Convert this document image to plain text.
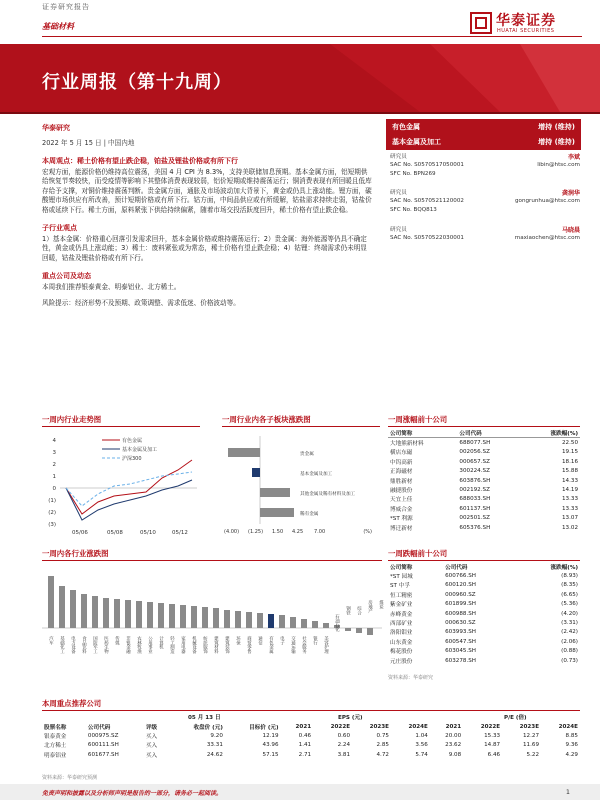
证券研究报告
基础材料	华泰证券
HUATAI SECURITIES
行业周报（第十九周）
华泰研究
2022 年 5 月 15 日 | 中国内地
有色金属	增持 (维持)
基本金属及加工	增持 (维持)
研究员	李斌
SAC No. S0570517050001	libin@htsc.com
SFC No. BPN269
研究员	龚润华
SAC No. S0570521120002	gongrunhua@htsc.com
SFC No. BQQ813
研究员	马晓晨
SAC No. S0570522030001	maxiaochen@htsc.com
本周观点：稀土价格有望止跌企稳，铂盐及锂盐价格或有所下行
宏观方面，能源价格仍维持高位震荡，美国 4 月 CPI 为 8.3%，支持美联储加息预期。基本金属方面，铝短期供给恢复节奏较快，而受疫情等影响下其整体消费表现较弱，铝价短期或维持震荡运行；铜消费表现有所回暖且低库存给予支撑，对铜价维持震荡判断。贵金属方面，通胀及市场波动加大背景下，黄金或仍具上涨动能。锂方面，碳酸锂市场供应有所改善，预计短期价格或有所下行。钴方面，中间品供应或有所缓解，钴盐需求持续走弱，钴盐价格或延续下行。稀土方面，原料紧张下供给持续偏紧，随着市场交投活跃度回升，稀土价格有望止跌企稳。
子行业观点
1）基本金属：价格重心回落引发需求回升，基本金属价格或维持震荡运行；2）贵金属：海外能源等仍具不确定性，黄金或仍具上涨动能；3）稀土：废料紧张或为常态，稀土价格有望止跌企稳；4）钴锂：终端需求仍未明显回暖，钴盐及锂盐价格或有所下行。
重点公司及动态
本周我们推荐银泰黄金、明泰铝业、北方稀土。
风险提示：经济形势不及预期、政策调整、需求低迷、价格波动等。
一周内行业走势图
4
3
2
1
0
(1)
(2)
(3)
05/06	05/08	05/10	05/12
有色金属
基本金属及加工
沪深300
一周行业内各子板块涨跌图
贵金属
基本金属及加工
其他金属及稀有材料及加工
稀有金属
(4.00) (1.25) 1.50 4.25 7.00	(%)
一周内各行业涨跌图
汽车 基础化工 电力设备 食品饮料 国防军工 医药生物 传媒 非银金融 农林牧渔 公用事业 计算机 轻工制造 家用电器 机械设备 纺织服饰 建筑材料 建筑装饰 环保 商贸零售 通信 有色金属 电子 交通运输 社会服务 银行 美容护理
石油石化
钢铁 综合 房地产 煤炭
一周涨幅前十公司
公司简称	公司代码	涨跌幅(%)
大地熊新材料	688077.SH	22.50
横店东磁	002056.SZ	19.15
中钨高新	000657.SZ	18.16
正海磁材	300224.SZ	15.88
鼎胜新材	603876.SH	14.33
融捷股份	002192.SZ	14.19
天宜上佳	688033.SH	13.33
博威合金	601137.SH	13.33
*ST 利源	002501.SZ	13.07
博迁新材	605376.SH	13.02
一周跌幅前十公司
公司简称	公司代码	涨跌幅(%)
*ST 园城	600766.SH	(8.93)
ST 中孚	600120.SH	(8.35)
恒工精密	000960.SZ	(6.65)
紫金矿业	601899.SH	(5.36)
赤峰黄金	600988.SH	(4.20)
西部矿业	000630.SZ	(3.31)
洛阳钼业	603993.SH	(2.42)
山东黄金	600547.SH	(2.06)
梅花股份	603045.SH	(0.88)
元庄股份	603278.SH	(0.73)
资料来源：华泰研究
本周重点推荐公司
05 月 13 日	EPS (元)	P/E (倍)
股票名称	公司代码	评级	收盘价 (元)	目标价 (元)	2021	2022E	2023E	2024E	2021	2022E	2023E	2024E
银泰黄金	000975.SZ	买入	9.20	12.19	0.46	0.60	0.75	1.04	20.00	15.33	12.27	8.85
北方稀土	600111.SH	买入	33.31	43.96	1.41	2.24	2.85	3.56	23.62	14.87	11.69	9.36
明泰铝业	601677.SH	买入	24.62	57.15	2.71	3.81	4.72	5.74	9.08	6.46	5.22	4.29
资料来源：华泰研究预测
免责声明和披露以及分析师声明是报告的一部分，请务必一起阅读。	1
